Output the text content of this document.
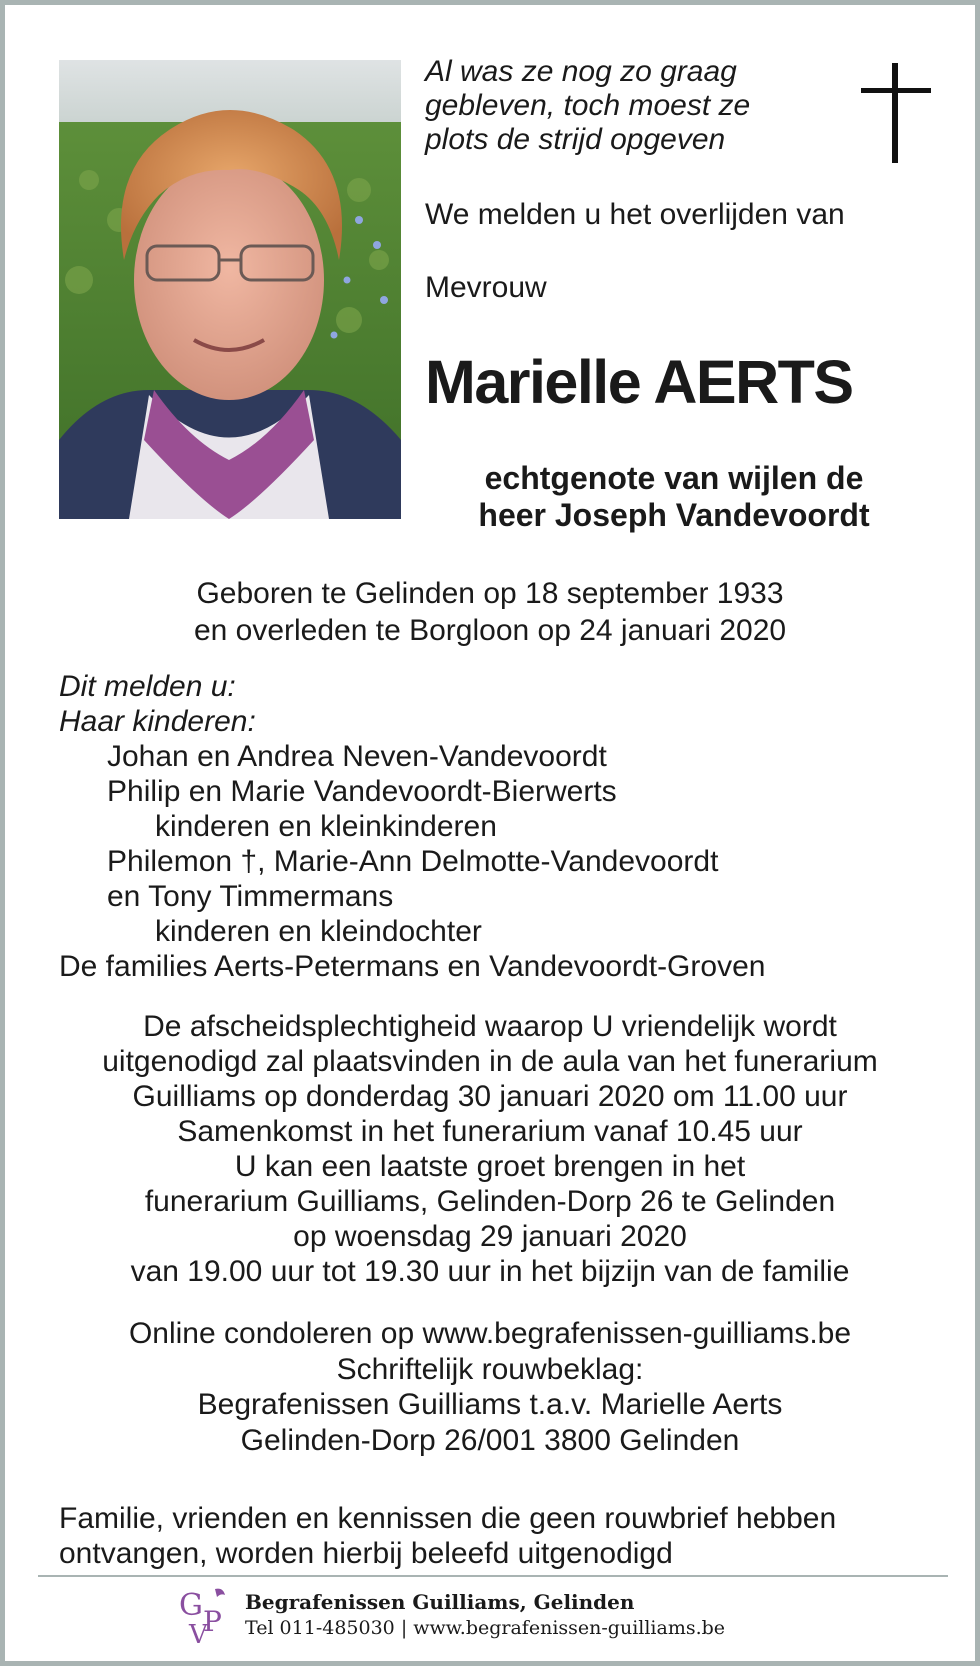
Al was ze nog zo graag
gebleven, toch moest ze
plots de strijd opgeven
We melden u het overlijden van
Mevrouw
Marielle AERTS
echtgenote van wijlen de
heer Joseph Vandevoordt
Geboren te Gelinden op 18 september 1933
en overleden te Borgloon op 24 januari 2020
Dit melden u:
Haar kinderen:
Johan en Andrea Neven-Vandevoordt
Philip en Marie Vandevoordt-Bierwerts
kinderen en kleinkinderen
Philemon †, Marie-Ann Delmotte-Vandevoordt
en Tony Timmermans
kinderen en kleindochter
De families Aerts-Petermans en Vandevoordt-Groven
De afscheidsplechtigheid waarop U vriendelijk wordt
uitgenodigd zal plaatsvinden in de aula van het funerarium
Guilliams op donderdag 30 januari 2020 om 11.00 uur
Samenkomst in het funerarium vanaf 10.45 uur
U kan een laatste groet brengen in het
funerarium Guilliams, Gelinden-Dorp 26 te Gelinden
op woensdag 29 januari 2020
van 19.00 uur tot 19.30 uur in het bijzijn van de familie
Online condoleren op www.begrafenissen-guilliams.be
Schriftelijk rouwbeklag:
Begrafenissen Guilliams t.a.v. Marielle Aerts
Gelinden-Dorp 26/001 3800 Gelinden
Familie, vrienden en kennissen die geen rouwbrief hebben
ontvangen, worden hierbij beleefd uitgenodigd
G
V
P
Begrafenissen Guilliams, Gelinden
Tel 011-485030 | www.begrafenissen-guilliams.be
